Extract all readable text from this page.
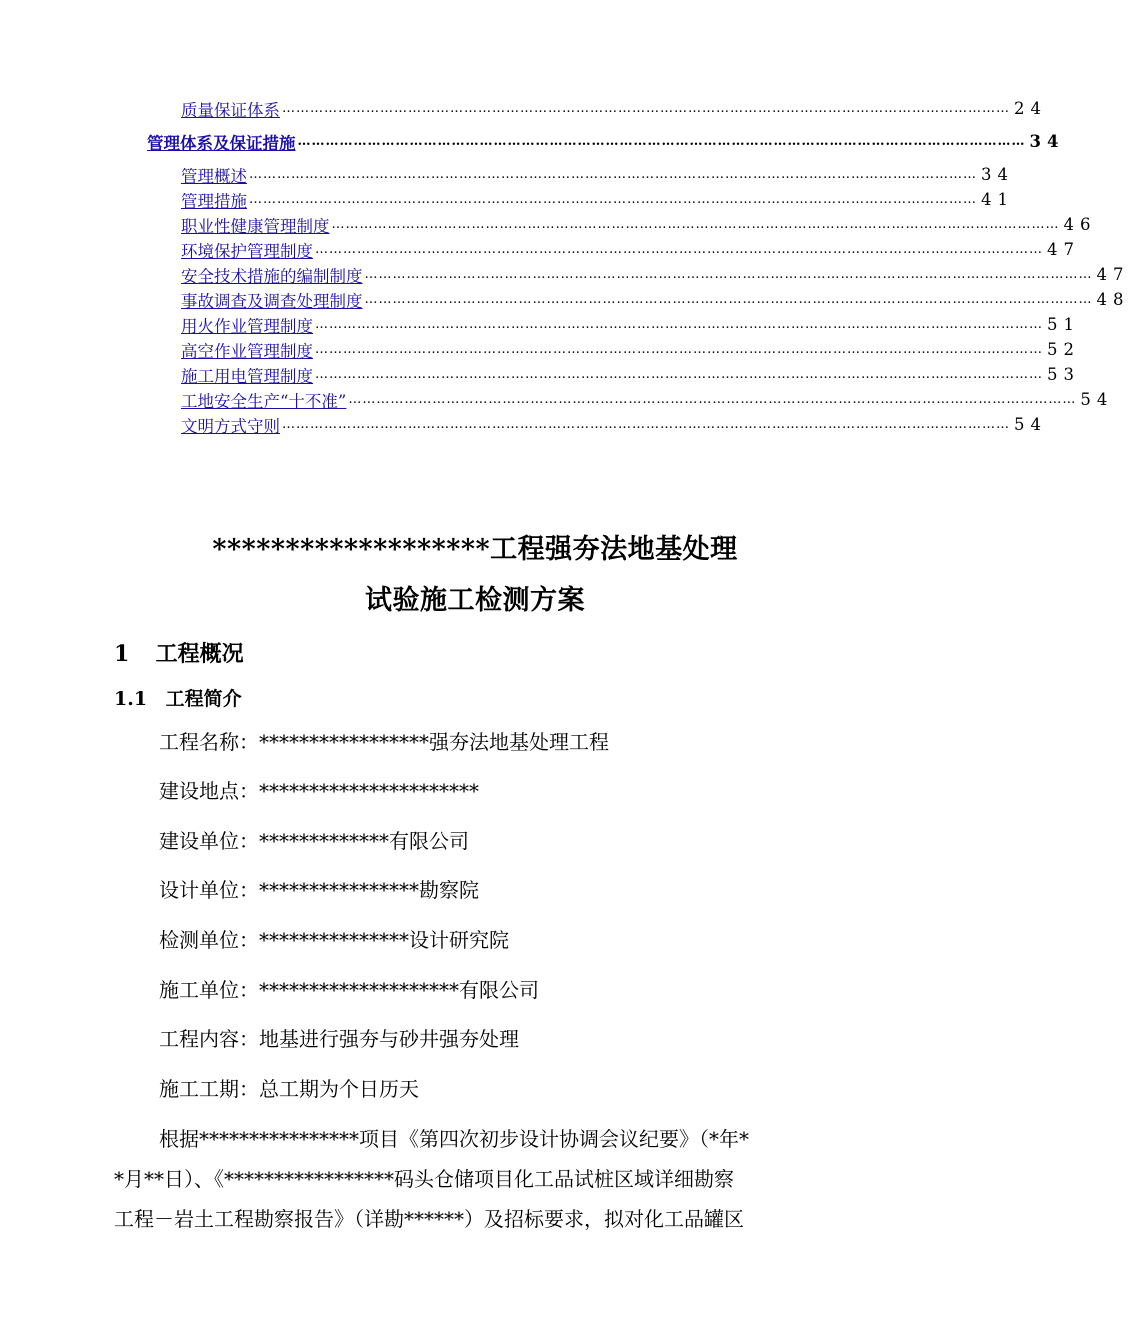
质量保证体系 ………………………………………………………………………………………………………………………………………… 24
管理体系及保证措施 ………………………………………………………………………………………………………………………………………… 34
管理概述 ………………………………………………………………………………………………………………………………………… 34
管理措施 ………………………………………………………………………………………………………………………………………… 41
职业性健康管理制度 ………………………………………………………………………………………………………………………………………… 46
环境保护管理制度 ………………………………………………………………………………………………………………………………………… 47
安全技术措施的编制制度 ………………………………………………………………………………………………………………………………………… 47
事故调查及调查处理制度 ………………………………………………………………………………………………………………………………………… 48
用火作业管理制度 ………………………………………………………………………………………………………………………………………… 51
高空作业管理制度 ………………………………………………………………………………………………………………………………………… 52
施工用电管理制度 ………………………………………………………………………………………………………………………………………… 53
工地安全生产“十不准” ………………………………………………………………………………………………………………………………………… 54
文明方式守则 ………………………………………………………………………………………………………………………………………… 54
*******************工程强夯法地基处理
试验施工检测方案
1 工程概况
1.1 工程简介
工程名称：*****************强夯法地基处理工程
建设地点：**********************
建设单位：*************有限公司
设计单位：****************勘察院
检测单位：***************设计研究院
施工单位：********************有限公司
工程内容：地基进行强夯与砂井强夯处理
施工工期：总工期为个日历天
根据****************项目《第四次初步设计协调会议纪要》（*年*
*月**日）、《*****************码头仓储项目化工品试桩区域详细勘察
工程－岩土工程勘察报告》（详勘******）及招标要求，拟对化工品罐区
